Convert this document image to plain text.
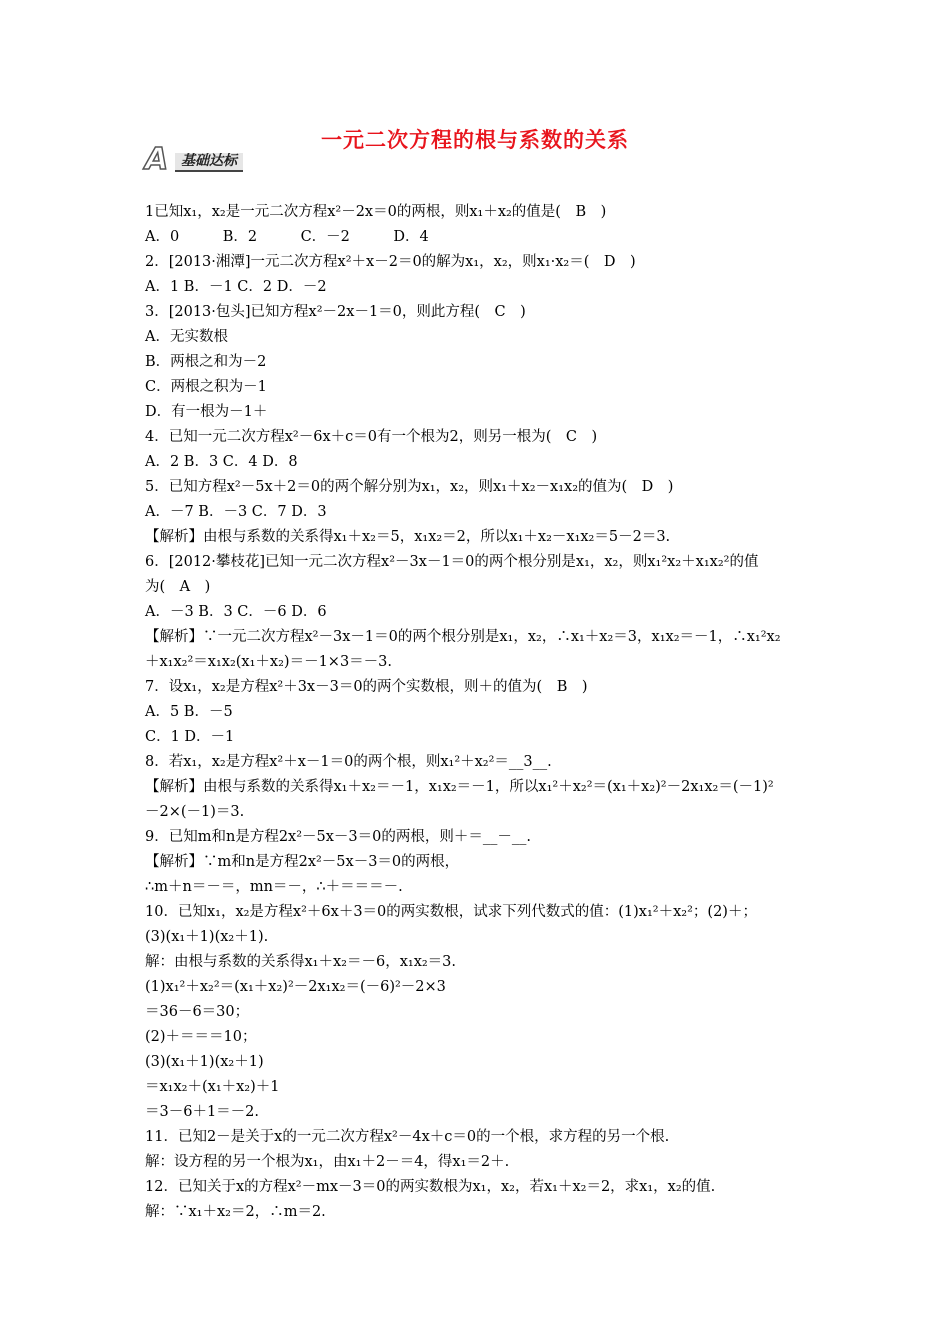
一元二次方程的根与系数的关系
A 基础达标
1已知x₁，x₂是一元二次方程x²－2x＝0的两根，则x₁＋x₂的值是(　B　)
A．0　　　B．2　　　C．－2　　　D．4
2．[2013·湘潭]一元二次方程x²＋x－2＝0的解为x₁，x₂，则x₁·x₂＝(　D　)
A．1 B．－1 C．2 D．－2
3．[2013·包头]已知方程x²－2x－1＝0，则此方程(　C　)
A．无实数根
B．两根之和为－2
C．两根之积为－1
D．有一根为－1＋
4．已知一元二次方程x²－6x＋c＝0有一个根为2，则另一根为(　C　)
A．2 B．3 C．4 D．8
5．已知方程x²－5x＋2＝0的两个解分别为x₁，x₂，则x₁＋x₂－x₁x₂的值为(　D　)
A．－7 B．－3 C．7 D．3
【解析】由根与系数的关系得x₁＋x₂＝5，x₁x₂＝2，所以x₁＋x₂－x₁x₂＝5－2＝3.
6．[2012·攀枝花]已知一元二次方程x²－3x－1＝0的两个根分别是x₁，x₂，则x₁²x₂＋x₁x₂²的值
为(　A　)
A．－3 B．3 C．－6 D．6
【解析】∵一元二次方程x²－3x－1＝0的两个根分别是x₁，x₂，∴x₁＋x₂＝3，x₁x₂＝－1，∴x₁²x₂
＋x₁x₂²＝x₁x₂(x₁＋x₂)＝－1×3＝－3.
7．设x₁，x₂是方程x²＋3x－3＝0的两个实数根，则＋的值为(　B　)
A．5 B．－5
C．1 D．－1
8．若x₁，x₂是方程x²＋x－1＝0的两个根，则x₁²＋x₂²＝__3__.
【解析】由根与系数的关系得x₁＋x₂＝－1，x₁x₂＝－1，所以x₁²＋x₂²＝(x₁＋x₂)²－2x₁x₂＝(－1)²
－2×(－1)＝3.
9．已知m和n是方程2x²－5x－3＝0的两根，则＋＝__－__.
【解析】∵m和n是方程2x²－5x－3＝0的两根，
∴m＋n＝－＝，mn＝－，∴＋＝＝＝－.
10．已知x₁，x₂是方程x²＋6x＋3＝0的两实数根，试求下列代数式的值：(1)x₁²＋x₂²；(2)＋；
(3)(x₁＋1)(x₂＋1).
解：由根与系数的关系得x₁＋x₂＝－6，x₁x₂＝3.
(1)x₁²＋x₂²＝(x₁＋x₂)²－2x₁x₂＝(－6)²－2×3
＝36－6＝30；
(2)＋＝＝＝10；
(3)(x₁＋1)(x₂＋1)
＝x₁x₂＋(x₁＋x₂)＋1
＝3－6＋1＝－2.
11．已知2－是关于x的一元二次方程x²－4x＋c＝0的一个根，求方程的另一个根.
解：设方程的另一个根为x₁，由x₁＋2－＝4，得x₁＝2＋.
12．已知关于x的方程x²－mx－3＝0的两实数根为x₁，x₂，若x₁＋x₂＝2，求x₁，x₂的值.
解：∵x₁＋x₂＝2，∴m＝2.
